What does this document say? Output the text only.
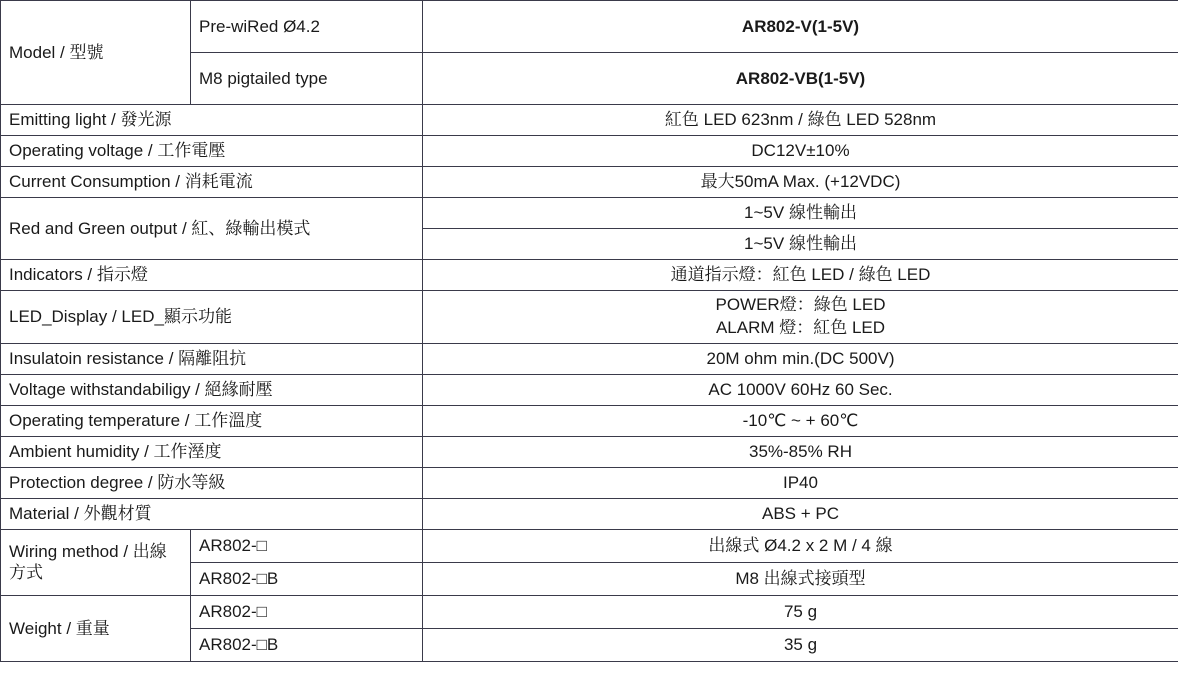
Model / 型號	Pre-wiRed Ø4.2	AR802-V(1-5V)
	M8 pigtailed type	AR802-VB(1-5V)
Emitting light / 發光源		紅色 LED 623nm / 綠色 LED 528nm
Operating voltage / 工作電壓		DC12V±10%
Current Consumption / 消耗電流		最大50mA Max. (+12VDC)
Red and Green output / 紅、綠輸出模式		1~5V 線性輸出
		1~5V 線性輸出
Indicators / 指示燈		通道指示燈：紅色 LED / 綠色 LED
LED_Display / LED_顯示功能		POWER燈：綠色 LED
ALARM 燈：紅色 LED

Insulatoin resistance / 隔離阻抗		20M ohm min.(DC 500V)
Voltage withstandabiligy / 絕緣耐壓		AC 1000V 60Hz 60 Sec.
Operating temperature / 工作溫度		-10℃ ~ + 60℃
Ambient humidity / 工作溼度		35%-85% RH
Protection degree / 防水等級		IP40
Material / 外觀材質		ABS + PC
Wiring method / 出線方式	AR802-□	出線式 Ø4.2 x 2 M / 4 線
	AR802-□B	M8 出線式接頭型
Weight / 重量	AR802-□	75 g
	AR802-□B	35 g
